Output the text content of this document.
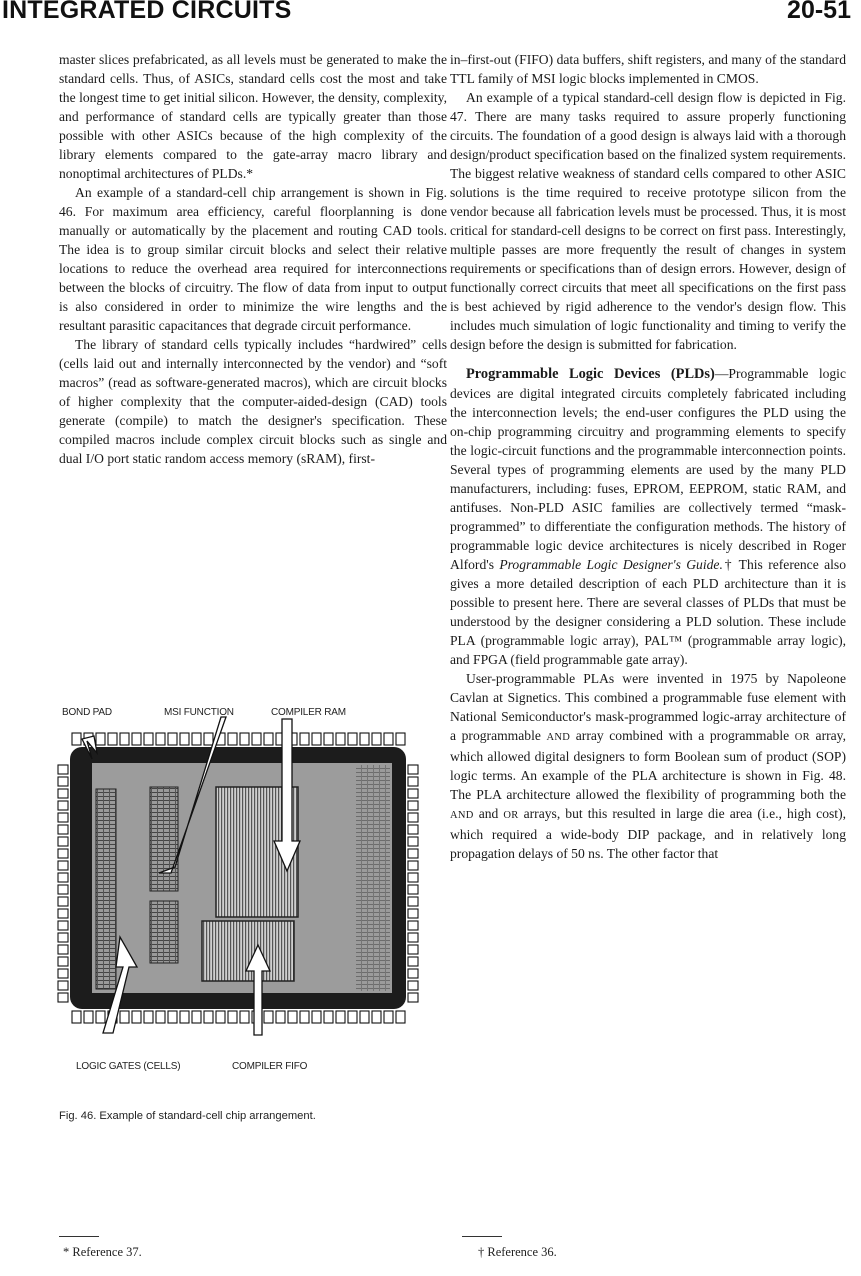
INTEGRATED CIRCUITS	20-51

master slices prefabricated, as all levels must be generated to make the standard cells. Thus, of ASICs, standard cells cost the most and take the longest time to get initial silicon. However, the density, complexity, and performance of standard cells are typically greater than those possible with other ASICs because of the high complexity of the library elements compared to the gate-array macro library and nonoptimal architectures of PLDs.*

An example of a standard-cell chip arrangement is shown in Fig. 46. For maximum area efficiency, careful floorplanning is done manually or automatically by the placement and routing CAD tools. The idea is to group similar circuit blocks and select their relative locations to reduce the overhead area required for interconnections between the blocks of circuitry. The flow of data from input to output is also considered in order to minimize the wire lengths and the resultant parasitic capacitances that degrade circuit performance.

The library of standard cells typically includes “hardwired” cells (cells laid out and internally interconnected by the vendor) and “soft macros” (read as software-generated macros), which are circuit blocks of higher complexity that the computer-aided-design (CAD) tools generate (compile) to match the designer's specification. These compiled macros include complex circuit blocks such as single and dual I/O port static random access memory (sRAM), first-

BOND PAD	MSI FUNCTION	COMPILER RAM
LOGIC GATES (CELLS)	COMPILER FIFO
Fig. 46. Example of standard-cell chip arrangement.

in–first-out (FIFO) data buffers, shift registers, and many of the standard TTL family of MSI logic blocks implemented in CMOS.

An example of a typical standard-cell design flow is depicted in Fig. 47. There are many tasks required to assure properly functioning circuits. The foundation of a good design is always laid with a thorough design/product specification based on the finalized system requirements. The biggest relative weakness of standard cells compared to other ASIC solutions is the time required to receive prototype silicon from the vendor because all fabrication levels must be processed. Thus, it is most critical for standard-cell designs to be correct on first pass. Interestingly, multiple passes are more frequently the result of changes in system requirements or specifications than of design errors. However, design of functionally correct circuits that meet all specifications on the first pass is best achieved by rigid adherence to the vendor's design flow. This includes much simulation of logic functionality and timing to verify the design before the design is submitted for fabrication.

Programmable Logic Devices (PLDs)—Programmable logic devices are digital integrated circuits completely fabricated including the interconnection levels; the end-user configures the PLD using the on-chip programming circuitry and programming elements to specify the logic-circuit functions and the programmable interconnection points. Several types of programming elements are used by the many PLD manufacturers, including: fuses, EPROM, EEPROM, static RAM, and antifuses. Non-PLD ASIC families are collectively termed “mask-programmed” to differentiate the configuration methods. The history of programmable logic device architectures is nicely described in Roger Alford's Programmable Logic Designer's Guide.† This reference also gives a more detailed description of each PLD architecture than it is possible to present here. There are several classes of PLDs that must be understood by the designer considering a PLD solution. These include PLA (programmable logic array), PAL™ (programmable array logic), and FPGA (field programmable gate array).

User-programmable PLAs were invented in 1975 by Napoleone Cavlan at Signetics. This combined a programmable fuse element with National Semiconductor's mask-programmed logic-array architecture of a programmable AND array combined with a programmable OR array, which allowed digital designers to form Boolean sum of product (SOP) logic terms. An example of the PLA architecture is shown in Fig. 48. The PLA architecture allowed the flexibility of programming both the AND and OR arrays, but this resulted in large die area (i.e., high cost), which required a wide-body DIP package, and in relatively long propagation delays of 50 ns. The other factor that

* Reference 37.	† Reference 36.
